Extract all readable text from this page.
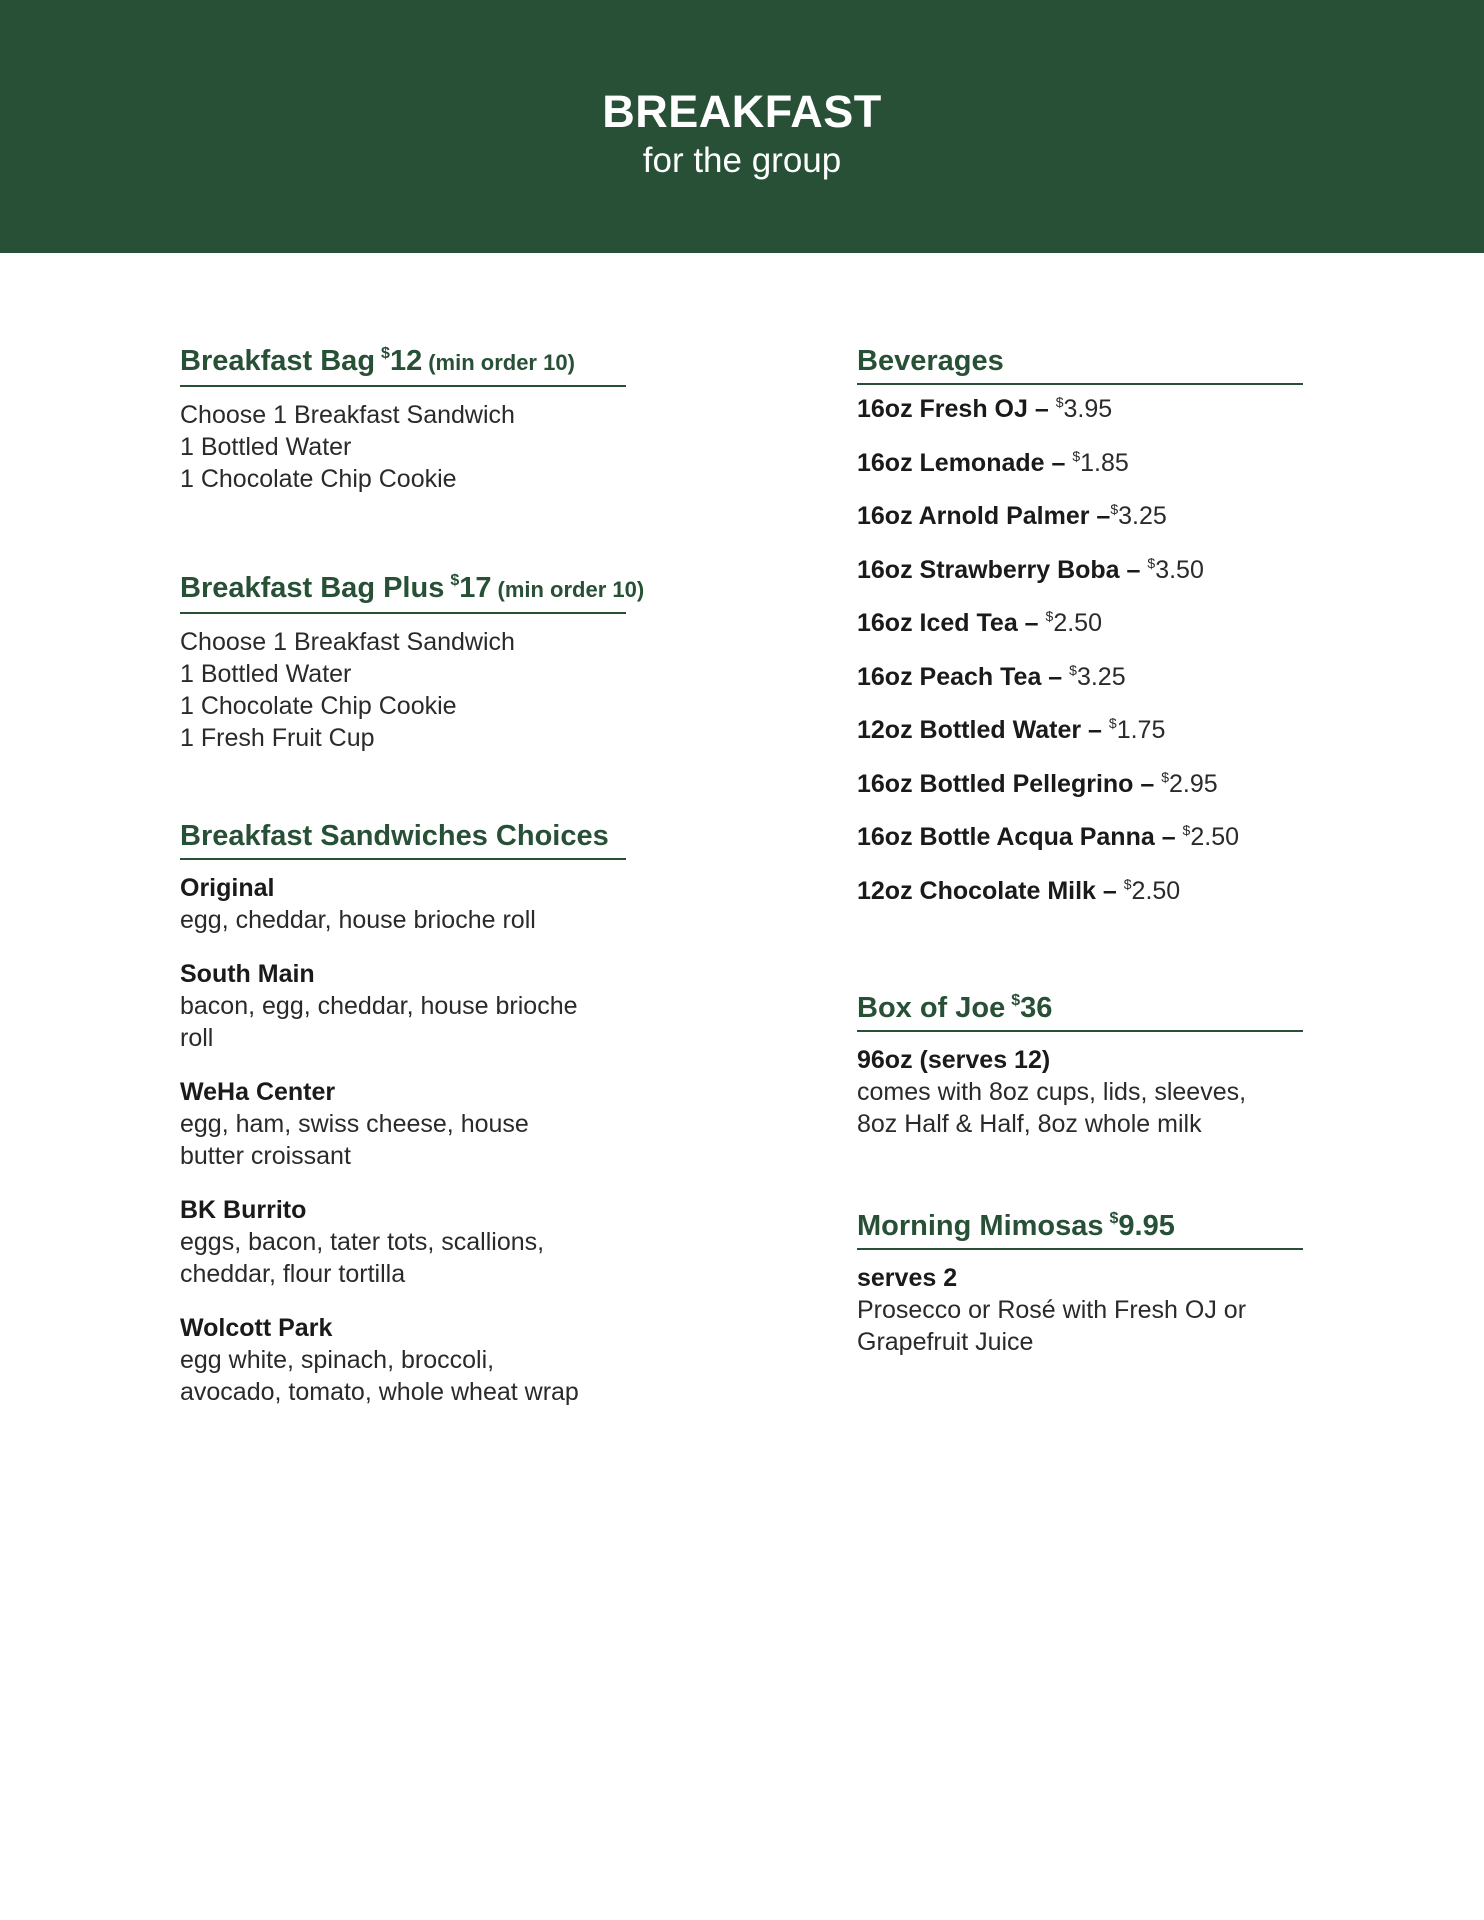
BREAKFAST
for the group
Breakfast Bag $12 (min order 10)
Choose 1 Breakfast Sandwich
1 Bottled Water
1 Chocolate Chip Cookie
Breakfast Bag Plus $17 (min order 10)
Choose 1 Breakfast Sandwich
1 Bottled Water
1 Chocolate Chip Cookie
1 Fresh Fruit Cup
Breakfast Sandwiches Choices
Original
egg, cheddar, house brioche roll
South Main
bacon, egg, cheddar, house brioche
roll
WeHa Center
egg, ham, swiss cheese, house
butter croissant
BK Burrito
eggs, bacon, tater tots, scallions,
cheddar, flour tortilla
Wolcott Park
egg white, spinach, broccoli,
avocado, tomato, whole wheat wrap
Beverages
16oz Fresh OJ – $3.95
16oz Lemonade – $1.85
16oz Arnold Palmer –$3.25
16oz Strawberry Boba – $3.50
16oz Iced Tea – $2.50
16oz Peach Tea – $3.25
12oz Bottled Water – $1.75
16oz Bottled Pellegrino – $2.95
16oz Bottle Acqua Panna – $2.50
12oz Chocolate Milk – $2.50
Box of Joe $36
96oz (serves 12)
comes with 8oz cups, lids, sleeves,
8oz Half & Half, 8oz whole milk
Morning Mimosas $9.95
serves 2
Prosecco or Rosé with Fresh OJ or
Grapefruit Juice
